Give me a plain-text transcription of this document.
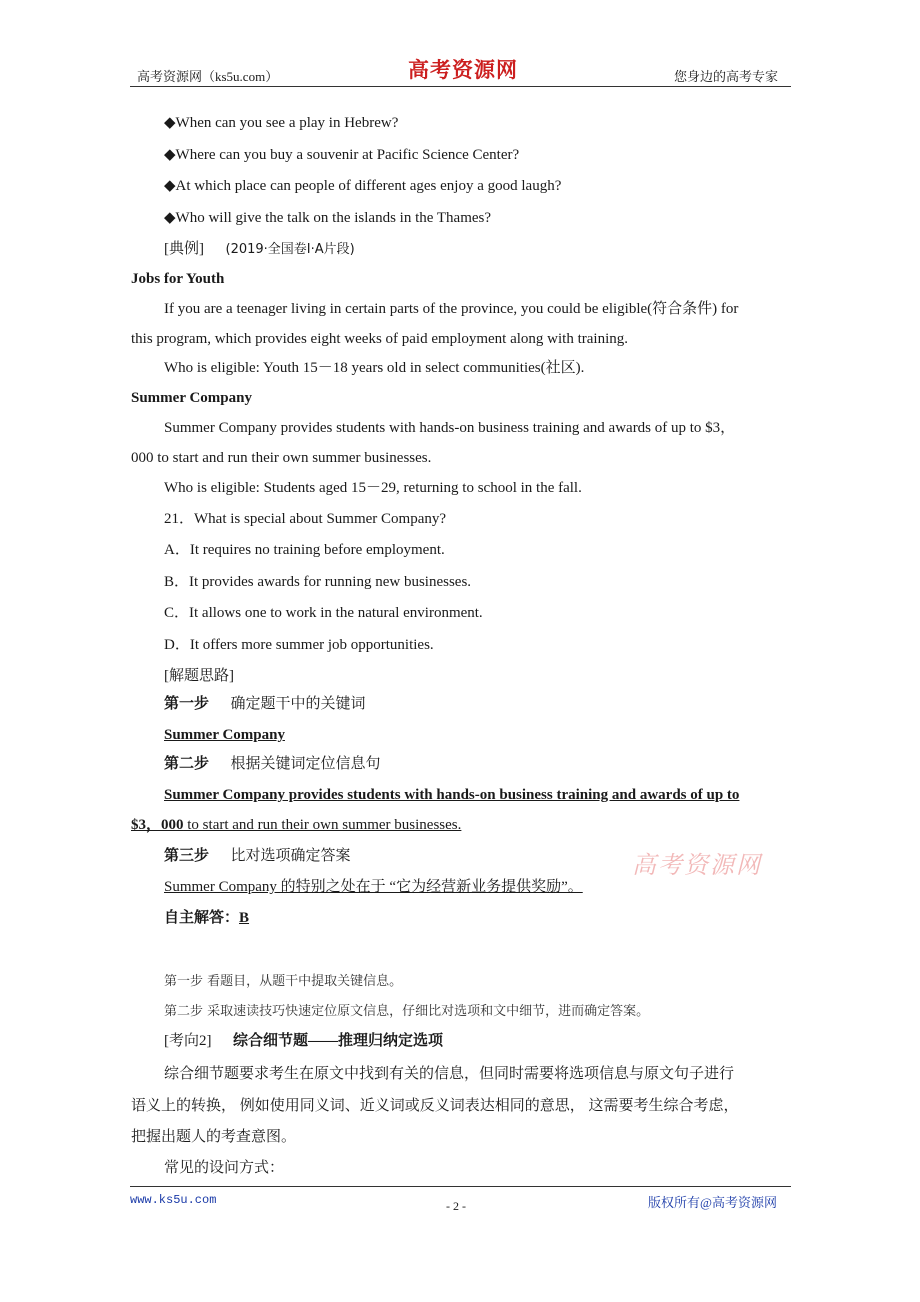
高考资源网（ks5u.com）	高考资源网	您身边的高考专家
◆When can you see a play in Hebrew?
◆Where can you buy a souvenir at Pacific Science Center?
◆At which place can people of different ages enjoy a good laugh?
◆Who will give the talk on the islands in the Thames?
[典例] (2019·全国卷Ⅰ·A片段)
Jobs for Youth
If you are a teenager living in certain parts of the province, you could be eligible(符合条件) for
this program, which provides eight weeks of paid employment along with training.
Who is eligible: Youth 15－18 years old in select communities(社区).
Summer Company
Summer Company provides students with hands‑on business training and awards of up to $3，
000 to start and run their own summer businesses.
Who is eligible: Students aged 15－29, returning to school in the fall.
21．What is special about Summer Company?
A．It requires no training before employment.
B．It provides awards for running new businesses.
C．It allows one to work in the natural environment.
D．It offers more summer job opportunities.
[解题思路]
第一步 确定题干中的关键词
Summer Company
第二步 根据关键词定位信息句
Summer Company provides students with hands-on business training and awards of up to
$3，000 to start and run their own summer businesses.
第三步 比对选项确定答案
Summer Company 的特别之处在于 “它为经营新业务提供奖励”。
自主解答：B
第一步 看题目，从题干中提取关键信息。
第二步 采取速读技巧快速定位原文信息，仔细比对选项和文中细节，进而确定答案。
[考向2] 综合细节题——推理归纳定选项
综合细节题要求考生在原文中找到有关的信息，但同时需要将选项信息与原文句子进行
语义上的转换， 例如使用同义词、近义词或反义词表达相同的意思， 这需要考生综合考虑，
把握出题人的考查意图。
常见的设问方式：
高考资源网
www.ks5u.com	- 2 -	版权所有@高考资源网
